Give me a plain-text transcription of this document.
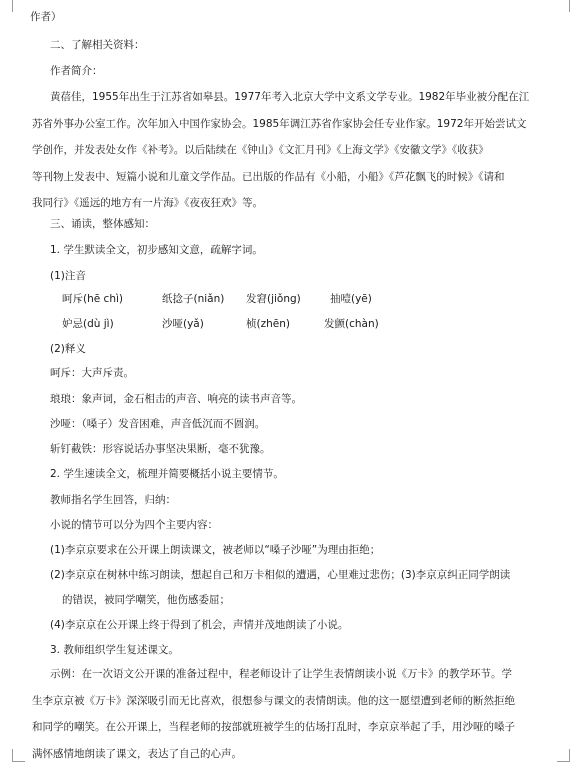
作者）
二、了解相关资料：
作者简介：
黄蓓佳，1955年出生于江苏省如皋县。1977年考入北京大学中文系文学专业。1982年毕业被分配在江
苏省外事办公室工作。次年加入中国作家协会。1985年调江苏省作家协会任专业作家。1972年开始尝试文
学创作，并发表处女作《补考》。以后陆续在《钟山》《文汇月刊》《上海文学》《安徽文学》《收获》
等刊物上发表中、短篇小说和儿童文学作品。已出版的作品有《小船，小船》《芦花飘飞的时候》《请和
我同行》《遥远的地方有一片海》《夜夜狂欢》等。
三、诵读，整体感知：
1. 学生默读全文，初步感知文意，疏解字词。
(1)注音
呵斥(hē chì)	纸捻子(niǎn) 发窘(jiǒng)	抽噎(yē)
妒忌(dù jì)	沙哑(yǎ)	桢(zhēn)	发颤(chàn)
(2)释义
呵斥：大声斥责。
琅琅：象声词，金石相击的声音、响亮的读书声音等。
沙哑：（嗓子）发音困难，声音低沉而不圆润。
斩钉截铁：形容说话办事坚决果断，毫不犹豫。
2. 学生速读全文，梳理并简要概括小说主要情节。
教师指名学生回答，归纳：
小说的情节可以分为四个主要内容：
(1)李京京要求在公开课上朗读课文，被老师以“嗓子沙哑”为理由拒绝；
(2)李京京在树林中练习朗读，想起自己和万卡相似的遭遇，心里难过悲伤；(3)李京京纠正同学朗读
的错误，被同学嘲笑，他伤感委屈；
(4)李京京在公开课上终于得到了机会，声情并茂地朗读了小说。
3. 教师组织学生复述课文。
示例：在一次语文公开课的准备过程中，程老师设计了让学生表情朗读小说《万卡》的教学环节。学
生李京京被《万卡》深深吸引而无比喜欢，很想参与课文的表情朗读。他的这一愿望遭到老师的断然拒绝
和同学的嘲笑。在公开课上，当程老师的按部就班被学生的估场打乱时，李京京举起了手，用沙哑的嗓子
满怀感情地朗读了课文，表达了自己的心声。
